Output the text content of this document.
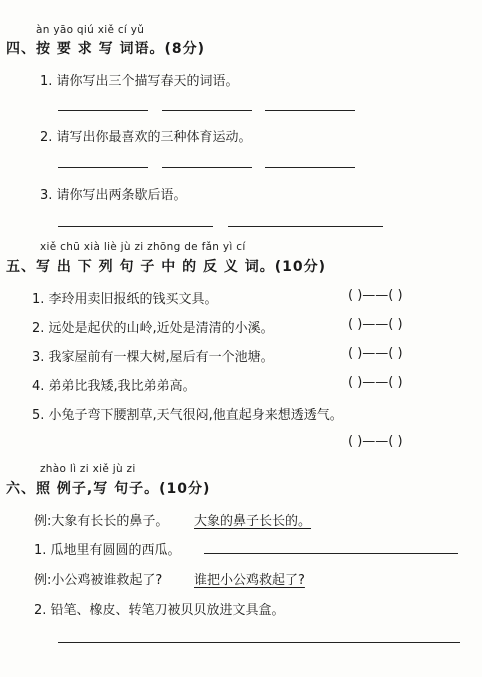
àn yāo qiú xiě cí yǔ
四、按 要 求 写 词语。(8分)
1. 请你写出三个描写春天的词语。
2. 请写出你最喜欢的三种体育运动。
3. 请你写出两条歇后语。
xiě chū xià liè jù zi zhōng de fǎn yì cí
五、写 出 下 列 句 子 中 的 反 义 词。(10分)
1. 李玲用卖旧报纸的钱买文具。	( )——( )
2. 远处是起伏的山岭,近处是清清的小溪。	( )——( )
3. 我家屋前有一棵大树,屋后有一个池塘。	( )——( )
4. 弟弟比我矮,我比弟弟高。	( )——( )
5. 小兔子弯下腰割草,天气很闷,他直起身来想透透气。
( )——( )
zhào lì zi xiě jù zi
六、照 例子,写 句子。(10分)
例:大象有长长的鼻子。 大象的鼻子长长的。
1. 瓜地里有圆圆的西瓜。
例:小公鸡被谁救起了? 谁把小公鸡救起了?
2. 铅笔、橡皮、转笔刀被贝贝放进文具盒。
